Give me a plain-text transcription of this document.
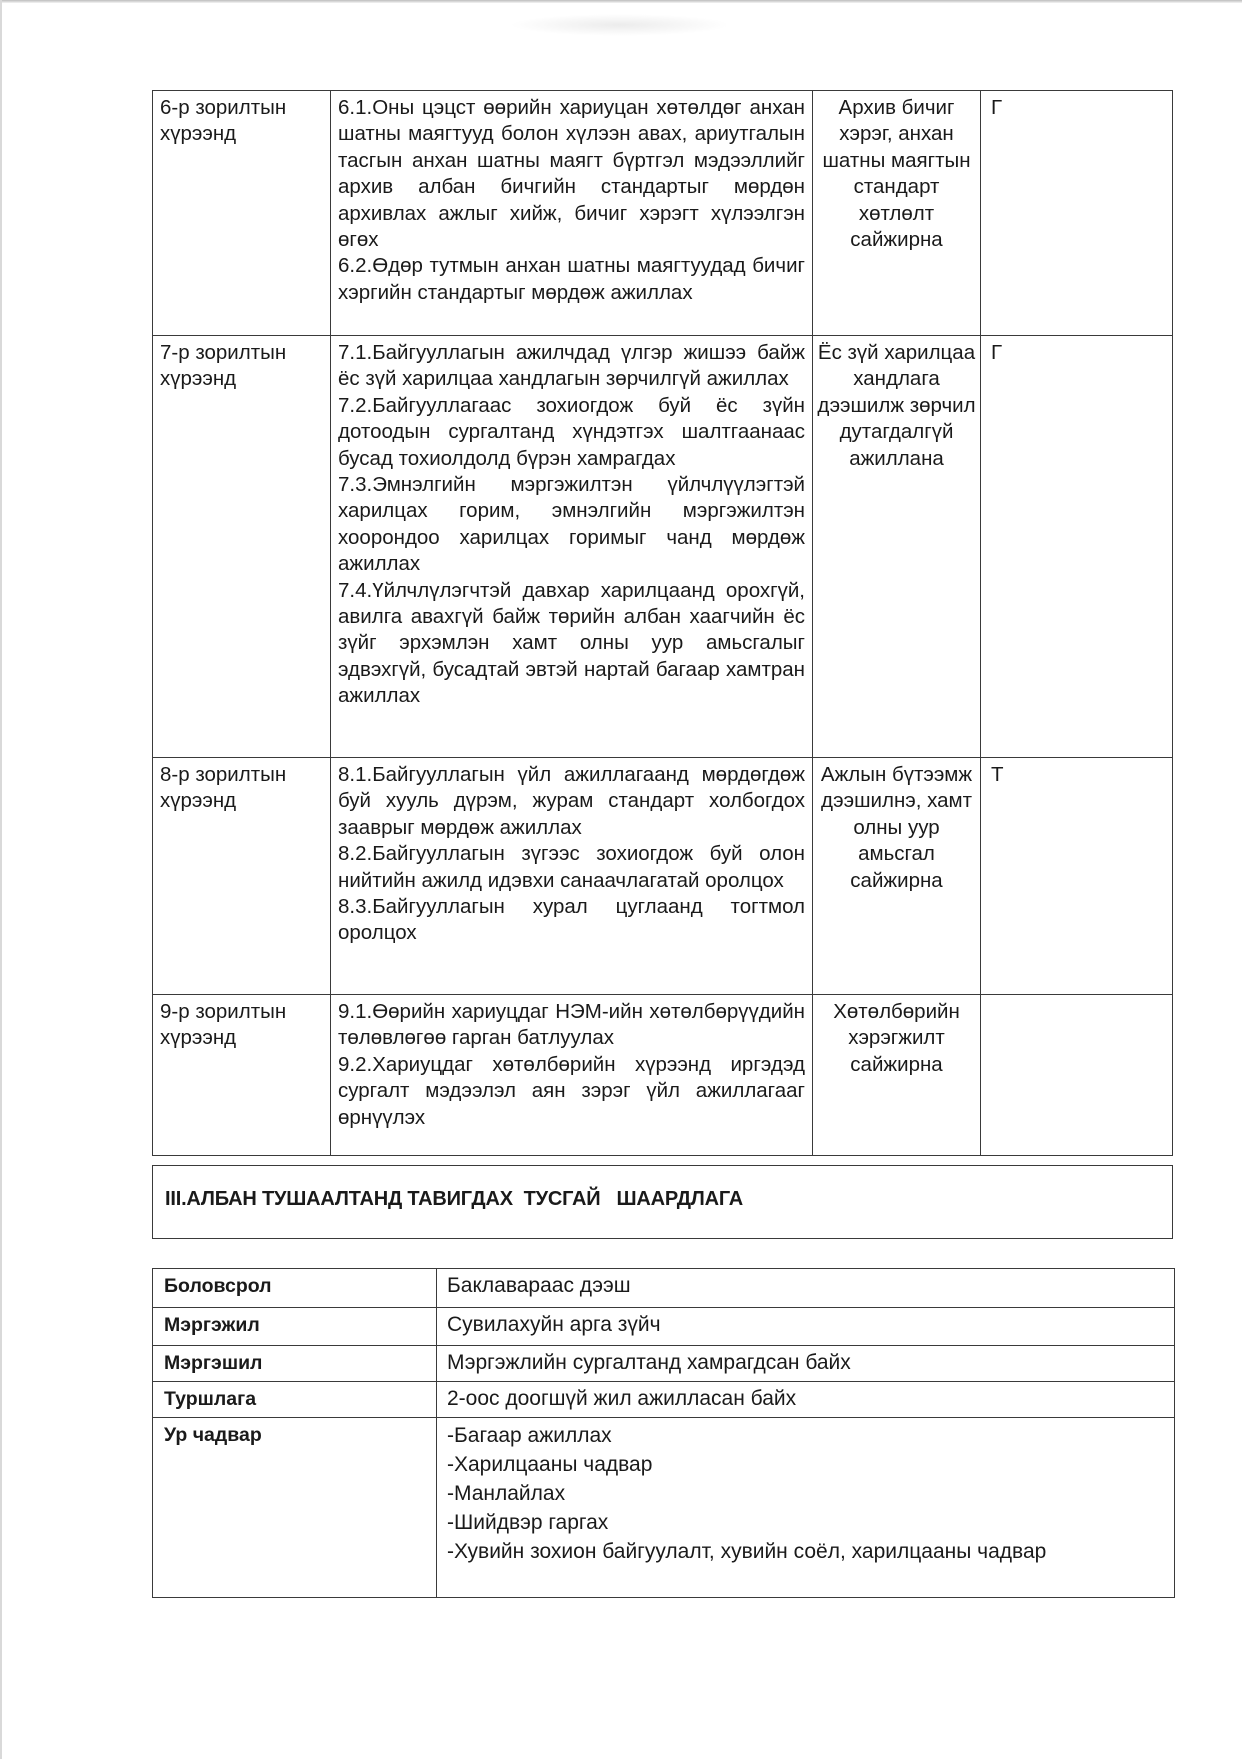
6-р зорилтын хүрээнд	6.1.Оны цэцст өөрийн хариуцан хөтөлдөг анхан шатны маягтууд болон хүлээн авах, ариутгалын тасгын анхан шатны маягт бүртгэл мэдээллийг архив албан бичгийн стандартыг мөрдөн архивлах ажлыг хийж, бичиг хэрэгт хүлээлгэн өгөх

6.2.Өдөр тутмын анхан шатны маягтуудад бичиг хэргийн стандартыг мөрдөж ажиллах	Архив бичиг хэрэг, анхан шатны маягтын стандарт хөтлөлт сайжирна	Г
7-р зорилтын хүрээнд	7.1.Байгууллагын ажилчдад үлгэр жишээ байж ёс зүй харилцаа хандлагын зөрчилгүй ажиллах

7.2.Байгууллагаас зохиогдож буй ёс зүйн дотоодын сургалтанд хүндэтгэх шалтгаанаас бусад тохиолдолд бүрэн хамрагдах

7.3.Эмнэлгийн мэргэжилтэн үйлчлүүлэгтэй харилцах горим, эмнэлгийн мэргэжилтэн хоорондоо харилцах горимыг чанд мөрдөж ажиллах

7.4.Үйлчлүлэгчтэй давхар харилцаанд орохгүй, авилга авахгүй байж төрийн албан хаагчийн ёс зүйг эрхэмлэн хамт олны уур амьсгалыг эдвэхгүй, бусадтай эвтэй нартай багаар хамтран ажиллах	Ёс зүй харилцаа хандлага дээшилж зөрчил дутагдалгүй ажиллана	Г
8-р зорилтын хүрээнд	8.1.Байгууллагын үйл ажиллагаанд мөрдөгдөж буй хууль дүрэм, журам стандарт холбогдох зааврыг мөрдөж ажиллах

8.2.Байгууллагын зүгээс зохиогдож буй олон нийтийн ажилд идэвхи санаачлагатай оролцох

8.3.Байгууллагын хурал цуглаанд тогтмол оролцох	Ажлын бүтээмж дээшилнэ, хамт олны уур амьсгал сайжирна	Т
9-р зорилтын хүрээнд	9.1.Өөрийн хариуцдаг НЭМ-ийн хөтөлбөрүүдийн төлөвлөгөө гарган батлуулах

9.2.Хариуцдаг хөтөлбөрийн хүрээнд иргэдэд сургалт мэдээлэл аян зэрэг үйл ажиллагааг өрнүүлэх	Хөтөлбөрийн хэрэгжилт сайжирна	
III.АЛБАН ТУШААЛТАНД ТАВИГДАХ  ТУСГАЙ   ШААРДЛАГА
Боловсрол	Баклавараас дээш
Мэргэжил	Сувилахуйн арга зүйч
Мэргэшил	Мэргэжлийн сургалтанд хамрагдсан байх
Туршлага	2-оос доогшүй жил ажилласан байх
Ур чадвар	-Багаар ажиллах
-Харилцааны чадвар
-Манлайлах
-Шийдвэр гаргах
-Хувийн зохион байгуулалт, хувийн соёл, харилцааны чадвар
